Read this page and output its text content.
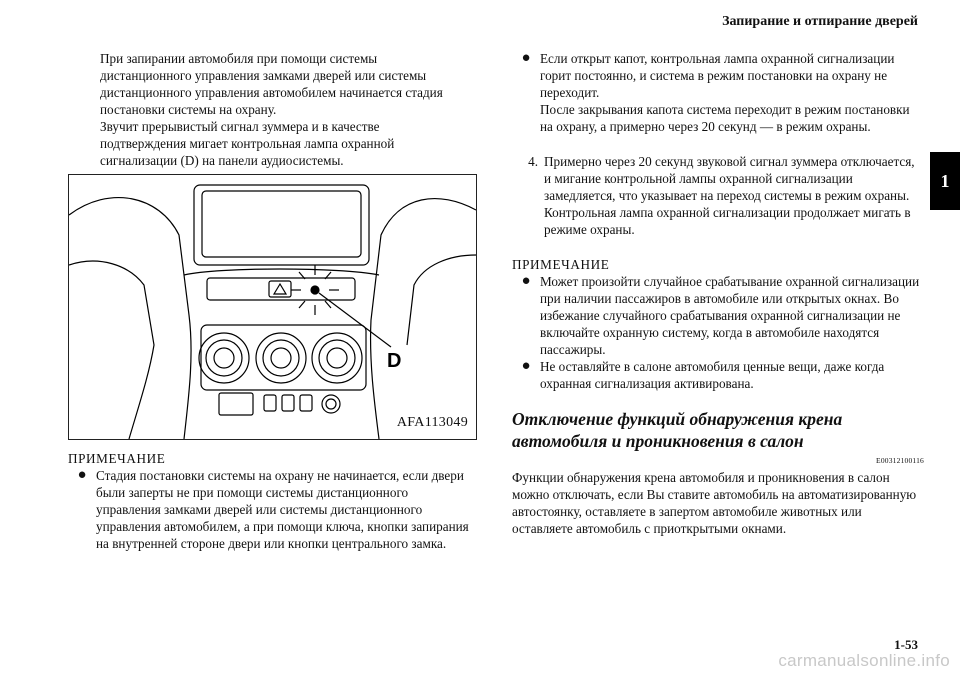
Запирание и отпирание дверей
1

При запирании автомобиля при помощи системы

дистанционного управления замками дверей или системы

дистанционного управления автомобилем начинается стадия

постановки системы на охрану.

Звучит прерывистый сигнал зуммера и в качестве

подтверждения мигает контрольная лампа охранной

сигнализации (D) на панели аудиосистемы.

D
AFA113049
ПРИМЕЧАНИЕ
● Стадия постановки системы на охрану не начинается, если двери были заперты не при помощи системы дистанционного управления замками дверей или системы дистанционного управления автомобилем, а при помощи ключа, кнопки запирания на внутренней стороне двери или кнопки центрального замка.
● Если открыт капот, контрольная лампа охранной сигнализации горит постоянно, и система в режим постановки на охрану не переходит.
После закрывания капота система переходит в режим постановки на охрану, а примерно через 20 секунд — в режим охраны.
4. Примерно через 20 секунд звуковой сигнал зуммера отключается, и мигание контрольной лампы охранной сигнализации замедляется, что указывает на переход системы в режим охраны.
Контрольная лампа охранной сигнализации продолжает мигать в режиме охраны.
ПРИМЕЧАНИЕ
● Может произойти случайное срабатывание охранной сигнализации при наличии пассажиров в автомобиле или открытых окнах. Во избежание случайного срабатывания охранной сигнализации не включайте охранную систему, когда в автомобиле находятся пассажиры.
● Не оставляйте в салоне автомобиля ценные вещи, даже когда охранная сигнализация активирована.

Отключение функций обнаружения крена

автомобиля и проникновения в салон

E00312100116
Функции обнаружения крена автомобиля и проникновения в салон можно отключать, если Вы ставите автомобиль на автоматизированную автостоянку, оставляете в запертом автомобиле животных или оставляете автомобиль с приоткрытыми окнами.
1-53
carmanualsonline.info
